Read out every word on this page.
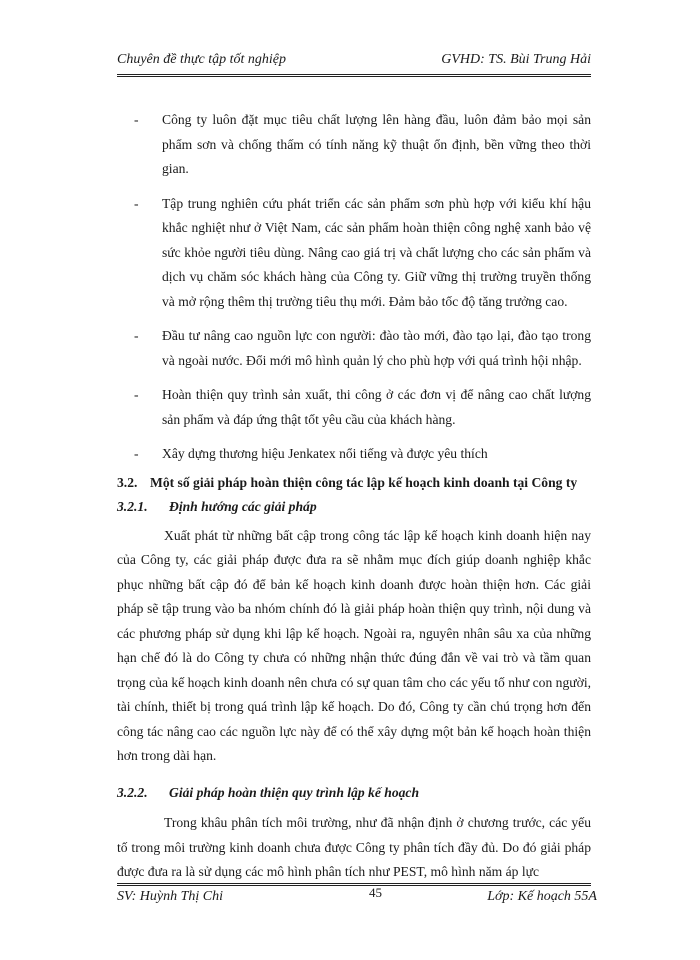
Chuyên đề thực tập tốt nghiệp	GVHD: TS. Bùi Trung Hải
- Công ty luôn đặt mục tiêu chất lượng lên hàng đầu, luôn đảm bảo mọi sản phẩm sơn và chống thấm có tính năng kỹ thuật ổn định, bền vững theo thời gian.
- Tập trung nghiên cứu phát triển các sản phẩm sơn phù hợp với kiểu khí hậu khắc nghiệt như ở Việt Nam, các sản phẩm hoàn thiện công nghệ xanh bảo vệ sức khỏe người tiêu dùng. Nâng cao giá trị và chất lượng cho các sản phẩm và dịch vụ chăm sóc khách hàng của Công ty. Giữ vững thị trường truyền thống và mở rộng thêm thị trường tiêu thụ mới. Đảm bảo tốc độ tăng trưởng cao.
- Đầu tư nâng cao nguồn lực con người: đào tào mới, đào tạo lại, đào tạo trong và ngoài nước. Đổi mới mô hình quản lý cho phù hợp với quá trình hội nhập.
- Hoàn thiện quy trình sản xuất, thi công ở các đơn vị để nâng cao chất lượng sản phẩm và đáp ứng thật tốt yêu cầu của khách hàng.
- Xây dựng thương hiệu Jenkatex nổi tiếng và được yêu thích

3.2. Một số giải pháp hoàn thiện công tác lập kế hoạch kinh doanh tại Công ty

3.2.1. Định hướng các giải pháp

Xuất phát từ những bất cập trong công tác lập kế hoạch kinh doanh hiện nay của Công ty, các giải pháp được đưa ra sẽ nhằm mục đích giúp doanh nghiệp khắc phục những bất cập đó để bản kế hoạch kinh doanh được hoàn thiện hơn. Các giải pháp sẽ tập trung vào ba nhóm chính đó là giải pháp hoàn thiện quy trình, nội dung và các phương pháp sử dụng khi lập kế hoạch. Ngoài ra, nguyên nhân sâu xa của những hạn chế đó là do Công ty chưa có những nhận thức đúng đắn về vai trò và tầm quan trọng của kế hoạch kinh doanh nên chưa có sự quan tâm cho các yếu tố như con người, tài chính, thiết bị trong quá trình lập kế hoạch. Do đó, Công ty cần chú trọng hơn đến công tác nâng cao các nguồn lực này để có thể xây dựng một bản kế hoạch hoàn thiện hơn trong dài hạn.

3.2.2. Giải pháp hoàn thiện quy trình lập kế hoạch

Trong khâu phân tích môi trường, như đã nhận định ở chương trước, các yếu tố trong môi trường kinh doanh chưa được Công ty phân tích đầy đủ. Do đó giải pháp được đưa ra là sử dụng các mô hình phân tích như PEST, mô hình năm áp lực

SV: Huỳnh Thị Chi	45	Lớp: Kế hoạch 55A
